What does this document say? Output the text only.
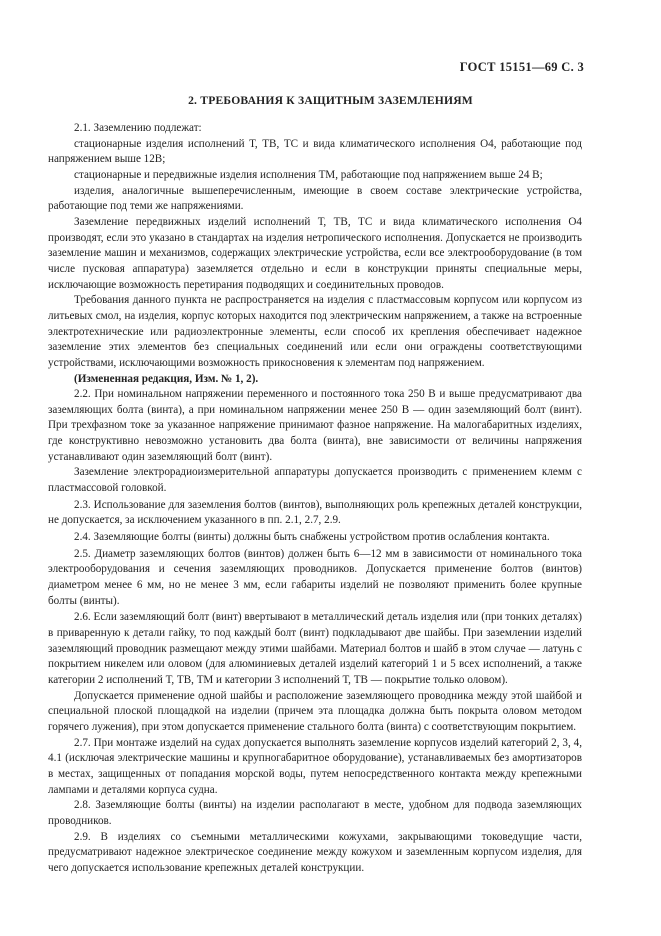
ГОСТ 15151—69 С. 3
2. ТРЕБОВАНИЯ К ЗАЩИТНЫМ ЗАЗЕМЛЕНИЯМ

2.1. Заземлению подлежат:

стационарные изделия исполнений Т, ТВ, ТС и вида климатического исполнения О4, работающие под напряжением выше 12В;

стационарные и передвижные изделия исполнения ТМ, работающие под напряжением выше 24 В;

изделия, аналогичные вышеперечисленным, имеющие в своем составе электрические устройства, работающие под теми же напряжениями.

Заземление передвижных изделий исполнений Т, ТВ, ТС и вида климатического исполнения О4 производят, если это указано в стандартах на изделия нетропического исполнения. Допускается не производить заземление машин и механизмов, содержащих электрические устройства, если все электрооборудование (в том числе пусковая аппаратура) заземляется отдельно и если в конструкции приняты специальные меры, исключающие возможность перетирания подводящих и соединительных проводов.

Требования данного пункта не распространяется на изделия с пластмассовым корпусом или корпусом из литьевых смол, на изделия, корпус которых находится под электрическим напряжением, а также на встроенные электротехнические или радиоэлектронные элементы, если способ их крепления обеспечивает надежное заземление этих элементов без специальных соединений или если они ограждены соответствующими устройствами, исключающими возможность прикосновения к элементам под напряжением.

(Измененная редакция, Изм. № 1, 2).

2.2. При номинальном напряжении переменного и постоянного тока 250 В и выше предусматривают два заземляющих болта (винта), а при номинальном напряжении менее 250 В — один заземляющий болт (винт). При трехфазном токе за указанное напряжение принимают фазное напряжение. На малогабаритных изделиях, где конструктивно невозможно установить два болта (винта), вне зависимости от величины напряжения устанавливают один заземляющий болт (винт).

Заземление электрорадиоизмерительной аппаратуры допускается производить с применением клемм с пластмассовой головкой.

2.3. Использование для заземления болтов (винтов), выполняющих роль крепежных деталей конструкции, не допускается, за исключением указанного в пп. 2.1, 2.7, 2.9.

2.4. Заземляющие болты (винты) должны быть снабжены устройством против ослабления контакта.

2.5. Диаметр заземляющих болтов (винтов) должен быть 6—12 мм в зависимости от номинального тока электрооборудования и сечения заземляющих проводников. Допускается применение болтов (винтов) диаметром менее 6 мм, но не менее 3 мм, если габариты изделий не позволяют применить более крупные болты (винты).

2.6. Если заземляющий болт (винт) ввертывают в металлический деталь изделия или (при тонких деталях) в приваренную к детали гайку, то под каждый болт (винт) подкладывают две шайбы. При заземлении изделий заземляющий проводник размещают между этими шайбами. Материал болтов и шайб в этом случае — латунь с покрытием никелем или оловом (для алюминиевых деталей изделий категорий 1 и 5 всех исполнений, а также категории 2 исполнений Т, ТВ, ТМ и категории 3 исполнений Т, ТВ — покрытие только оловом).

Допускается применение одной шайбы и расположение заземляющего проводника между этой шайбой и специальной плоской площадкой на изделии (причем эта площадка должна быть покрыта оловом методом горячего лужения), при этом допускается применение стального болта (винта) с соответствующим покрытием.

2.7. При монтаже изделий на судах допускается выполнять заземление корпусов изделий категорий 2, 3, 4, 4.1 (исключая электрические машины и крупногабаритное оборудование), устанавливаемых без амортизаторов в местах, защищенных от попадания морской воды, путем непосредственного контакта между крепежными лампами и деталями корпуса судна.

2.8. Заземляющие болты (винты) на изделии располагают в месте, удобном для подвода заземляющих проводников.

2.9. В изделиях со съемными металлическими кожухами, закрывающими токоведущие части, предусматривают надежное электрическое соединение между кожухом и заземленным корпусом изделия, для чего допускается использование крепежных деталей конструкции.
